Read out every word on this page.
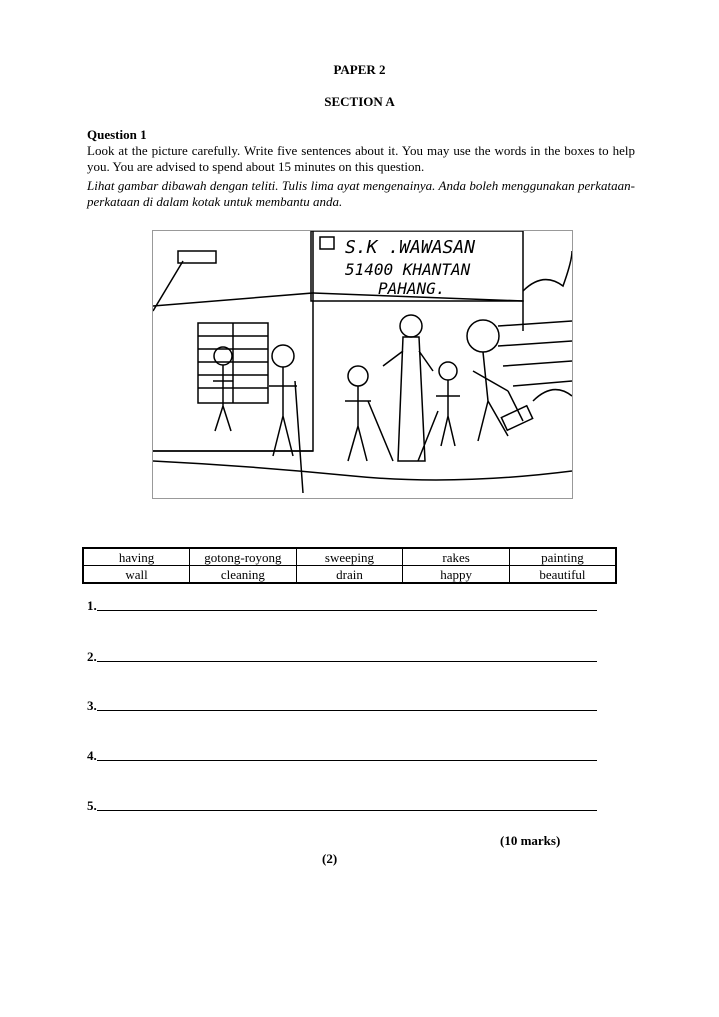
PAPER 2
SECTION A
Question 1
Look at the picture carefully. Write five sentences about it. You may use the words in the boxes to help you. You are advised to spend about 15 minutes on this question.
Lihat gambar dibawah dengan teliti. Tulis lima ayat mengenainya. Anda boleh menggunakan perkataan-perkataan di dalam kotak untuk membantu anda.
S.K .WAWASAN
51400 KHANTAN
PAHANG.
having	gotong-royong	sweeping	rakes	painting
wall	cleaning	drain	happy	beautiful
1.
2.
3.
4.
5.
(10 marks)
(2)
